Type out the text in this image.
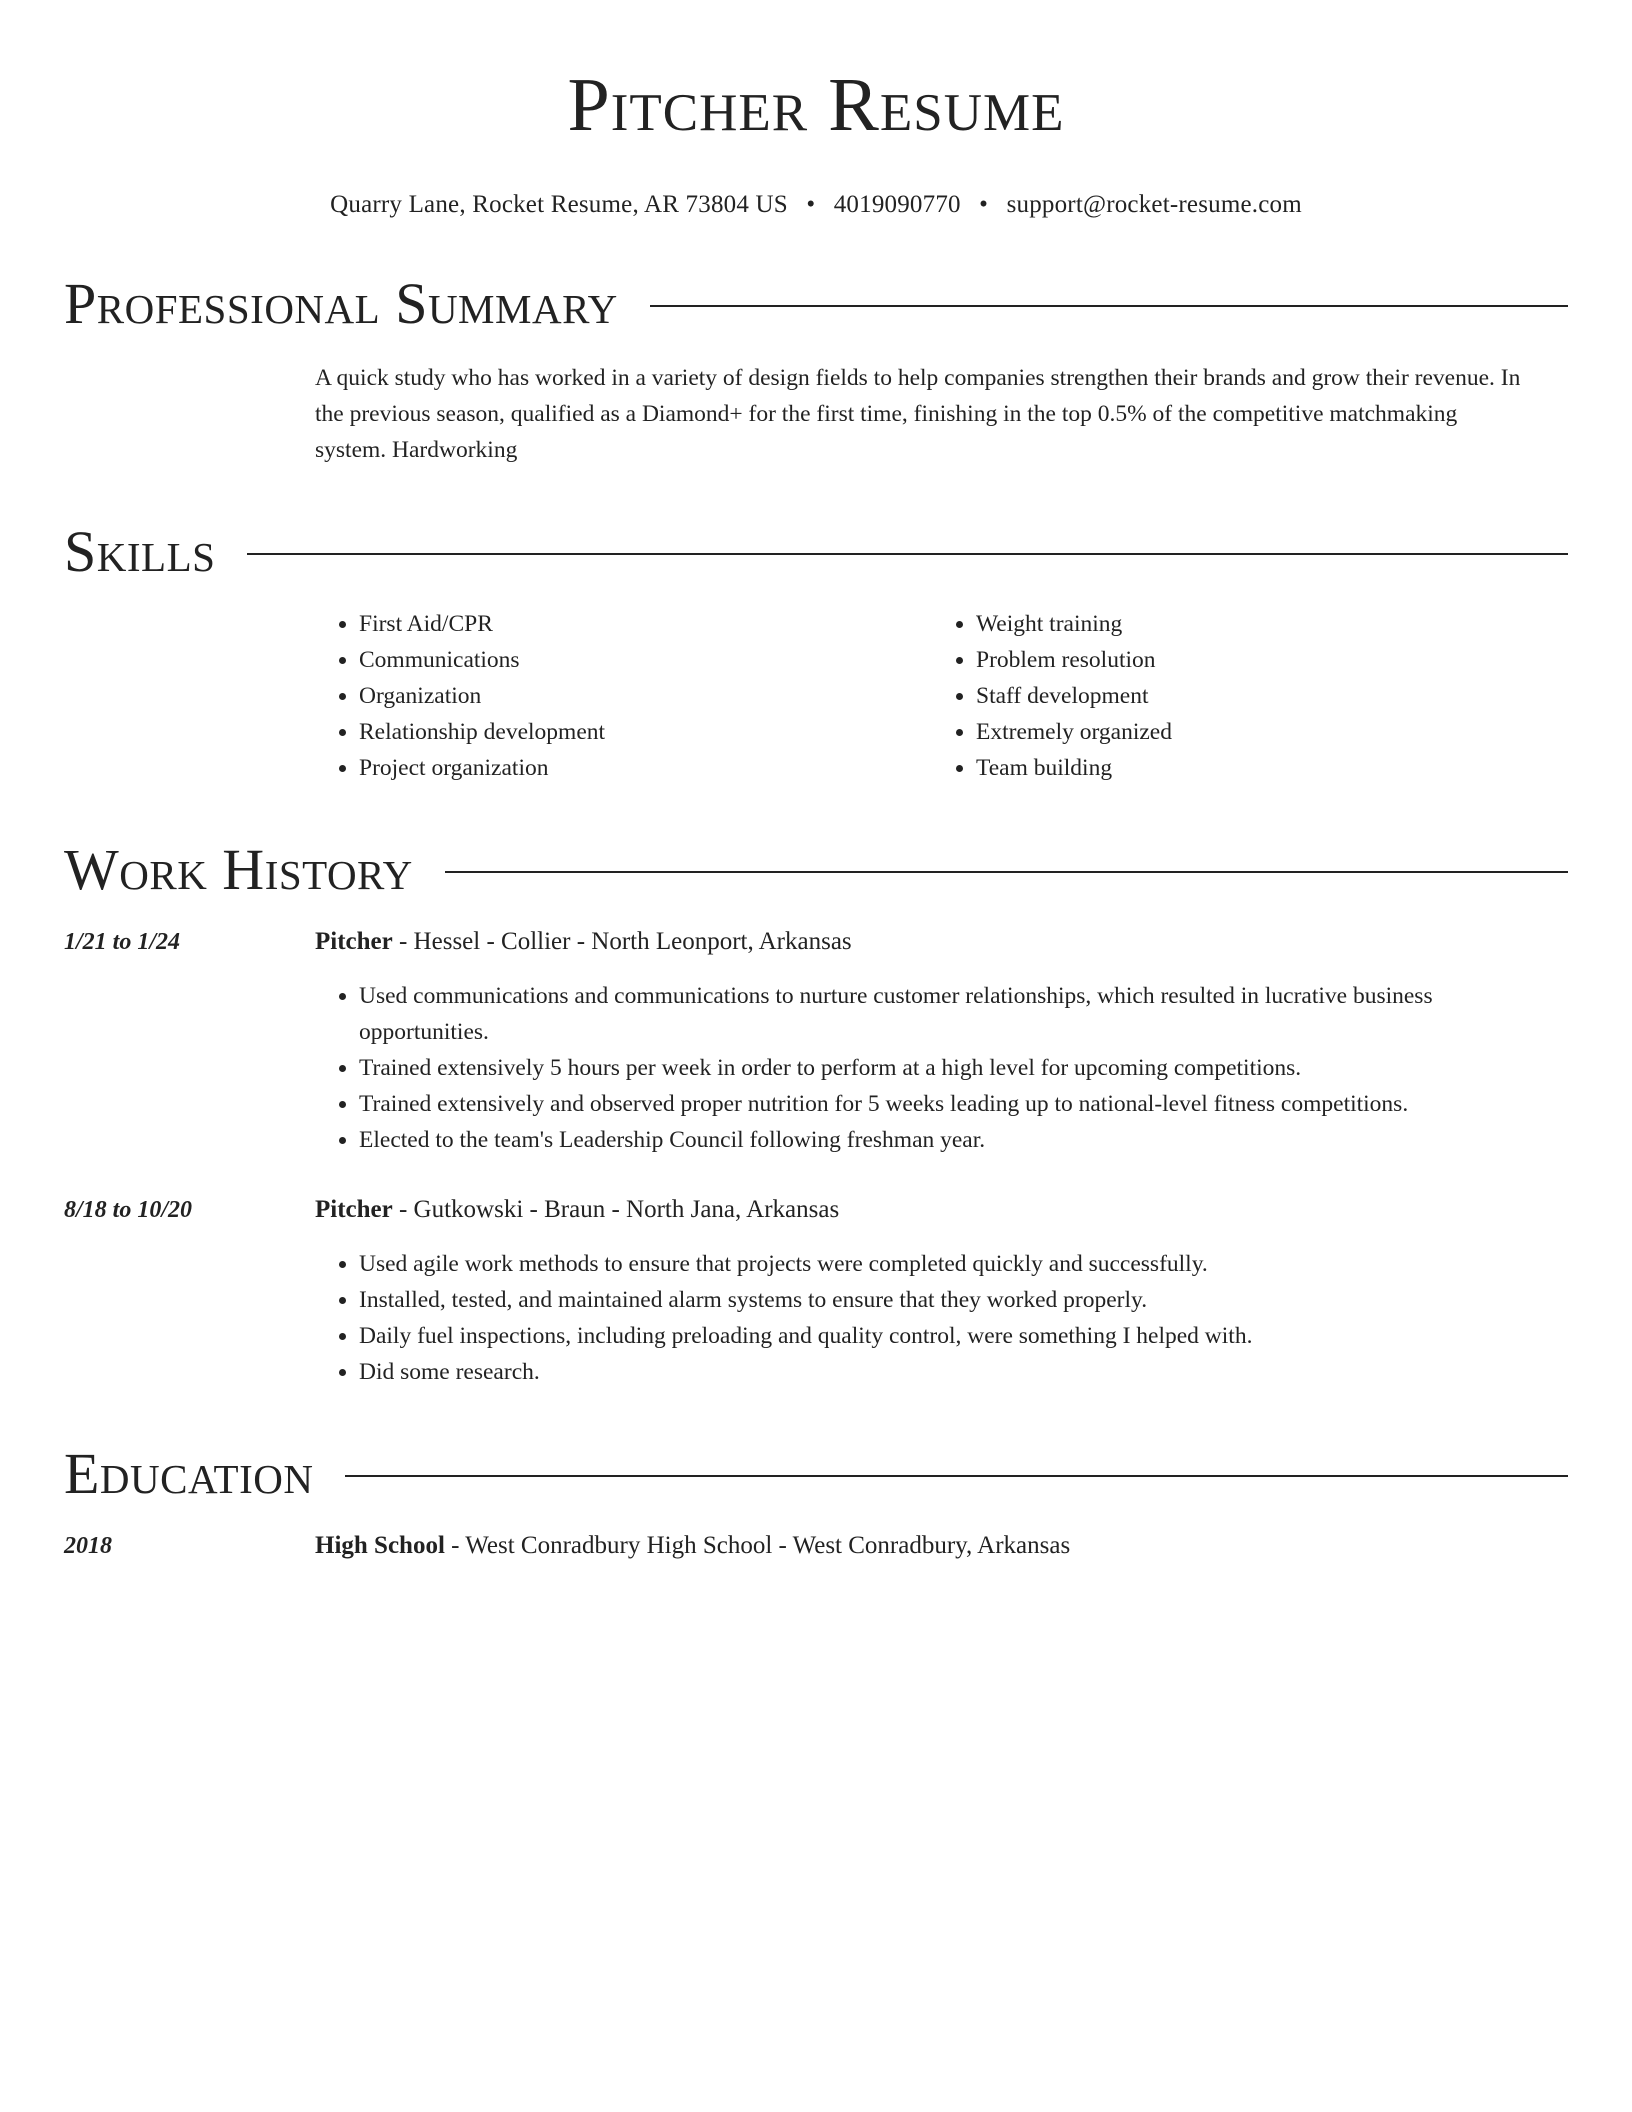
Pitcher Resume
Quarry Lane, Rocket Resume, AR 73804 US • 4019090770 • support@rocket-resume.com
Professional Summary
A quick study who has worked in a variety of design fields to help companies strengthen their brands and grow their revenue. In the previous season, qualified as a Diamond+ for the first time, finishing in the top 0.5% of the competitive matchmaking system. Hardworking
Skills
• First Aid/CPR
• Communications
• Organization
• Relationship development
• Project organization
• Weight training
• Problem resolution
• Staff development
• Extremely organized
• Team building
Work History
1/21 to 1/24	Pitcher - Hessel - Collier - North Leonport, Arkansas
• Used communications and communications to nurture customer relationships, which resulted in lucrative business opportunities.
• Trained extensively 5 hours per week in order to perform at a high level for upcoming competitions.
• Trained extensively and observed proper nutrition for 5 weeks leading up to national-level fitness competitions.
• Elected to the team's Leadership Council following freshman year.
8/18 to 10/20	Pitcher - Gutkowski - Braun - North Jana, Arkansas
• Used agile work methods to ensure that projects were completed quickly and successfully.
• Installed, tested, and maintained alarm systems to ensure that they worked properly.
• Daily fuel inspections, including preloading and quality control, were something I helped with.
• Did some research.
Education
2018	High School - West Conradbury High School - West Conradbury, Arkansas
